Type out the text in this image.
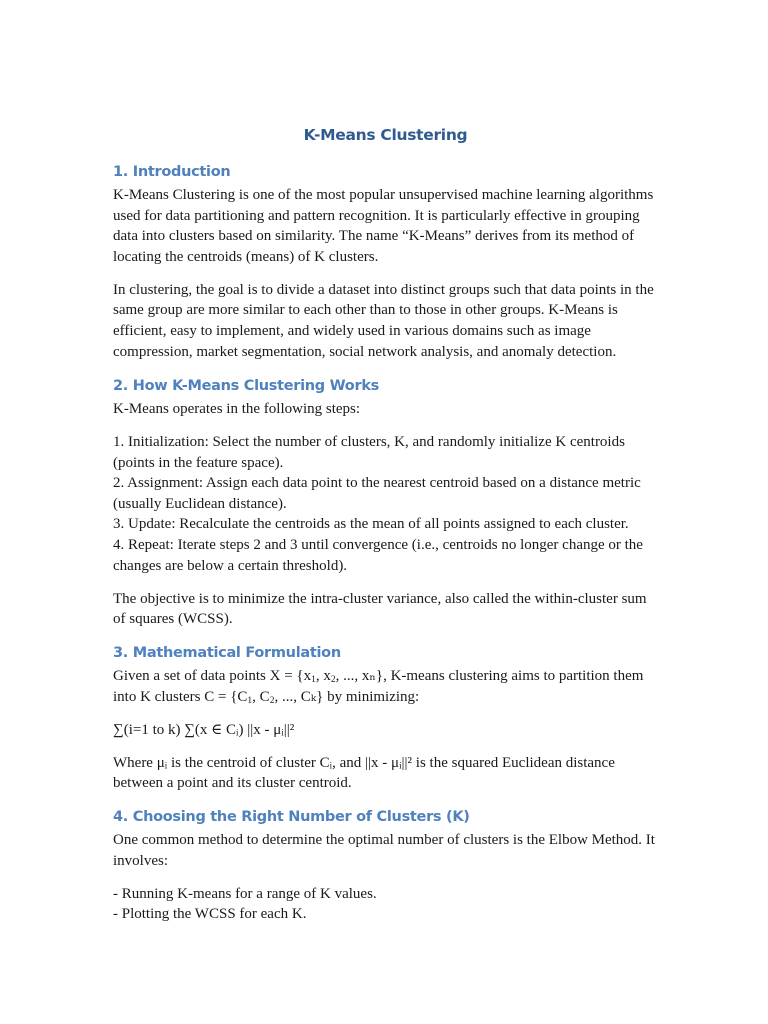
K-Means Clustering
1. Introduction

K-Means Clustering is one of the most popular unsupervised machine learning algorithms used for data partitioning and pattern recognition. It is particularly effective in grouping data into clusters based on similarity. The name “K-Means” derives from its method of locating the centroids (means) of K clusters.

In clustering, the goal is to divide a dataset into distinct groups such that data points in the same group are more similar to each other than to those in other groups. K-Means is efficient, easy to implement, and widely used in various domains such as image compression, market segmentation, social network analysis, and anomaly detection.

2. How K-Means Clustering Works

K-Means operates in the following steps:

1. Initialization: Select the number of clusters, K, and randomly initialize K centroids (points in the feature space).

2. Assignment: Assign each data point to the nearest centroid based on a distance metric (usually Euclidean distance).

3. Update: Recalculate the centroids as the mean of all points assigned to each cluster.

4. Repeat: Iterate steps 2 and 3 until convergence (i.e., centroids no longer change or the changes are below a certain threshold).

The objective is to minimize the intra-cluster variance, also called the within-cluster sum of squares (WCSS).

3. Mathematical Formulation

Given a set of data points $X = \{x_1$, $x_2$, ..., xₙ}, K-means clustering aims to partition them into K clusters $C = \{C_1$, $C_2$, ..., Cₖ} by minimizing:

∑(i=1 to k) ∑(x ∈ Cᵢ) ||x - μᵢ||²

Where μᵢ is the centroid of cluster Cᵢ, and ||x - μᵢ||² is the squared Euclidean distance between a point and its cluster centroid.

4. Choosing the Right Number of Clusters (K)

One common method to determine the optimal number of clusters is the Elbow Method. It involves:

- Running K-means for a range of K values.

- Plotting the WCSS for each K.
